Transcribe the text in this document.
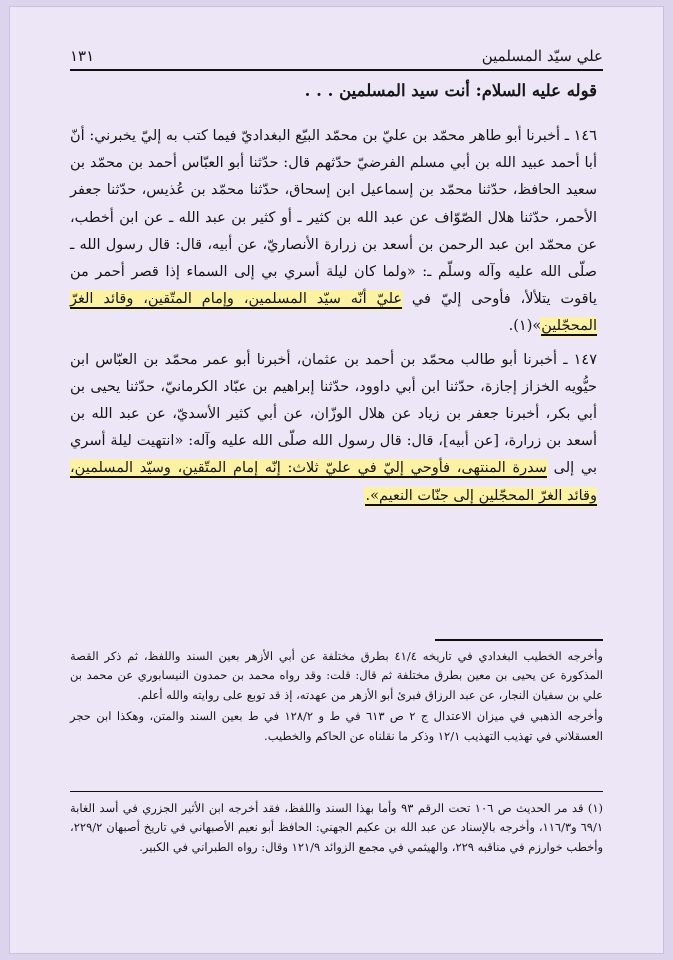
علي سيّد المسلمين
١٣١
قوله عليه السلام: أنت سيد المسلمين . . .

١٤٦ ـ أخبرنا أبو طاهر محمّد بن عليّ بن محمّد البيّع البغداديّ فيما كتب به إليّ يخبرني: أنّ أبا أحمد عبيد الله بن أبي مسلم الفرضيّ حدّثهم قال: حدّثنا أبو العبّاس أحمد بن محمّد بن سعيد الحافظ، حدّثنا محمّد بن إسماعيل ابن إسحاق، حدّثنا محمّد بن عُذيس، حدّثنا جعفر الأحمر، حدّثنا هلال الصّوّاف عن عبد الله بن كثير ـ أو كثير بن عبد الله ـ عن ابن أخطب، عن محمّد ابن عبد الرحمن بن أسعد بن زرارة الأنصاريّ، عن أبيه، قال: قال رسول الله ـ صلّى الله عليه وآله وسلّم ـ: «ولما كان ليلة أسري بي إلى السماء إذا قصر أحمر من ياقوت يتلألأ، فأوحى إليّ في عليّ أنّه سيّد المسلمين، وإمام المتّقين، وقائد الغرّ المحجّلين»(١).

١٤٧ ـ أخبرنا أبو طالب محمّد بن أحمد بن عثمان، أخبرنا أبو عمر محمّد بن العبّاس ابن حيُّويه الخزاز إجازة، حدّثنا ابن أبي داوود، حدّثنا إبراهيم بن عبّاد الكرمانيّ، حدّثنا يحيى بن أبي بكر، أخبرنا جعفر بن زياد عن هلال الوزّان، عن أبي كثير الأسديّ، عن عبد الله بن أسعد بن زرارة، [عن أبيه]، قال: قال رسول الله صلّى الله عليه وآله: «انتهيت ليلة أسري بي إلى سدرة المنتهى، فأوحي إليّ في عليّ ثلاث: إنّه إمام المتّقين، وسيّد المسلمين، وقائد الغرّ المحجّلين إلى جنّات النعيم».

وأخرجه الخطيب البغدادي في تاريخه ٤١/٤ بطرق مختلفة عن أبي الأزهر بعين السند واللفظ، ثم ذكر القصة المذكورة عن يحيى بن معين بطرق مختلفة ثم قال: قلت: وقد رواه محمد بن حمدون النيسابوري عن محمد بن علي بن سفيان النجار، عن عبد الرزاق فبرئ أبو الأزهر من عهدته، إذ قد توبع على روايته والله أعلم.

وأخرجه الذهبي في ميزان الاعتدال ج ٢ ص ٦١٣ في ط و ١٢٨/٢ في ط بعين السند والمتن، وهكذا ابن حجر العسقلاني في تهذيب التهذيب ١٢/١ وذكر ما نقلناه عن الحاكم والخطيب.

(١) قد مر الحديث ص ١٠٦ تحت الرقم ٩٣ وأما بهذا السند واللفظ، فقد أخرجه ابن الأثير الجزري في أسد الغابة ٦٩/١ و١١٦/٣، وأخرجه بالإسناد عن عبد الله بن عكيم الجهني: الحافظ أبو نعيم الأصبهاني في تاريخ أصبهان ٢٢٩/٢، وأخطب خوارزم في مناقبه ٢٢٩، والهيثمي في مجمع الزوائد ١٢١/٩ وقال: رواه الطبراني في الكبير.
